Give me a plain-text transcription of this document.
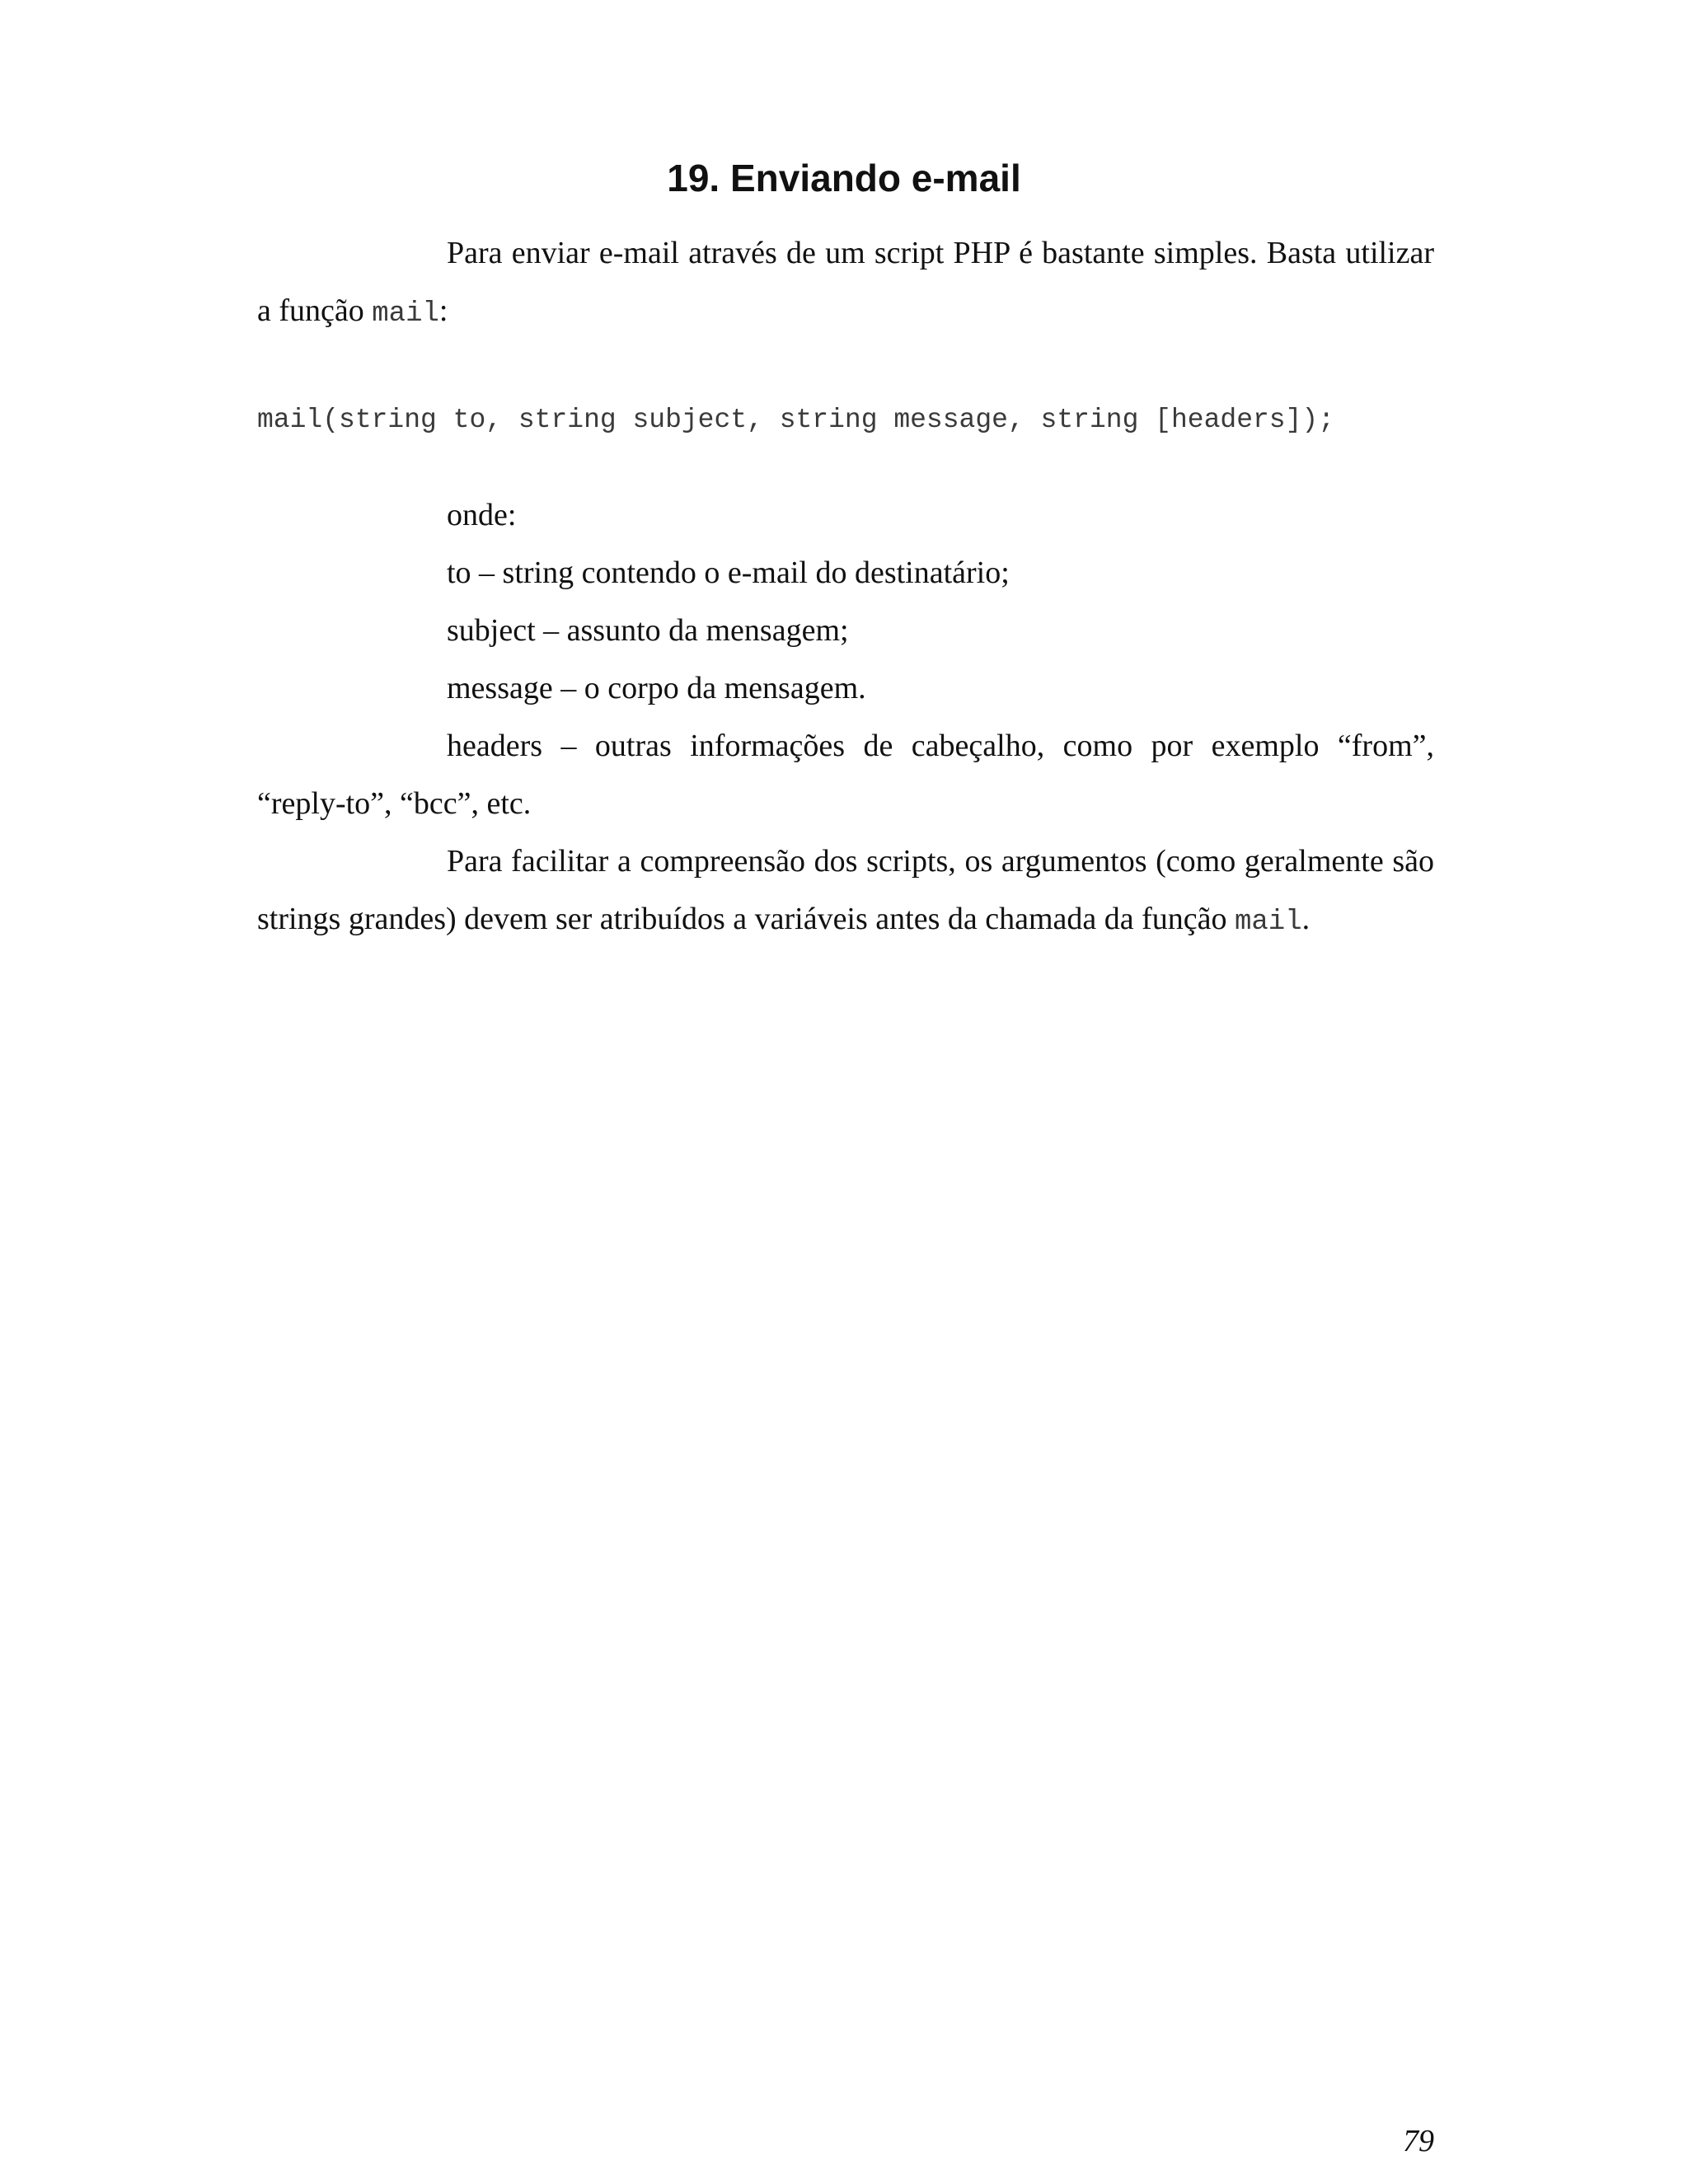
19. Enviando e-mail

Para enviar e-mail através de um script PHP é bastante simples. Basta utilizar a função mail:

mail(string to, string subject, string message, string [headers]);

onde:

to – string contendo o e-mail do destinatário;

subject – assunto da mensagem;

message – o corpo da mensagem.

headers – outras informações de cabeçalho, como por exemplo “from”, “reply-to”, “bcc”, etc.

Para facilitar a compreensão dos scripts, os argumentos (como geralmente são strings grandes) devem ser atribuídos a variáveis antes da chamada da função mail.

79
